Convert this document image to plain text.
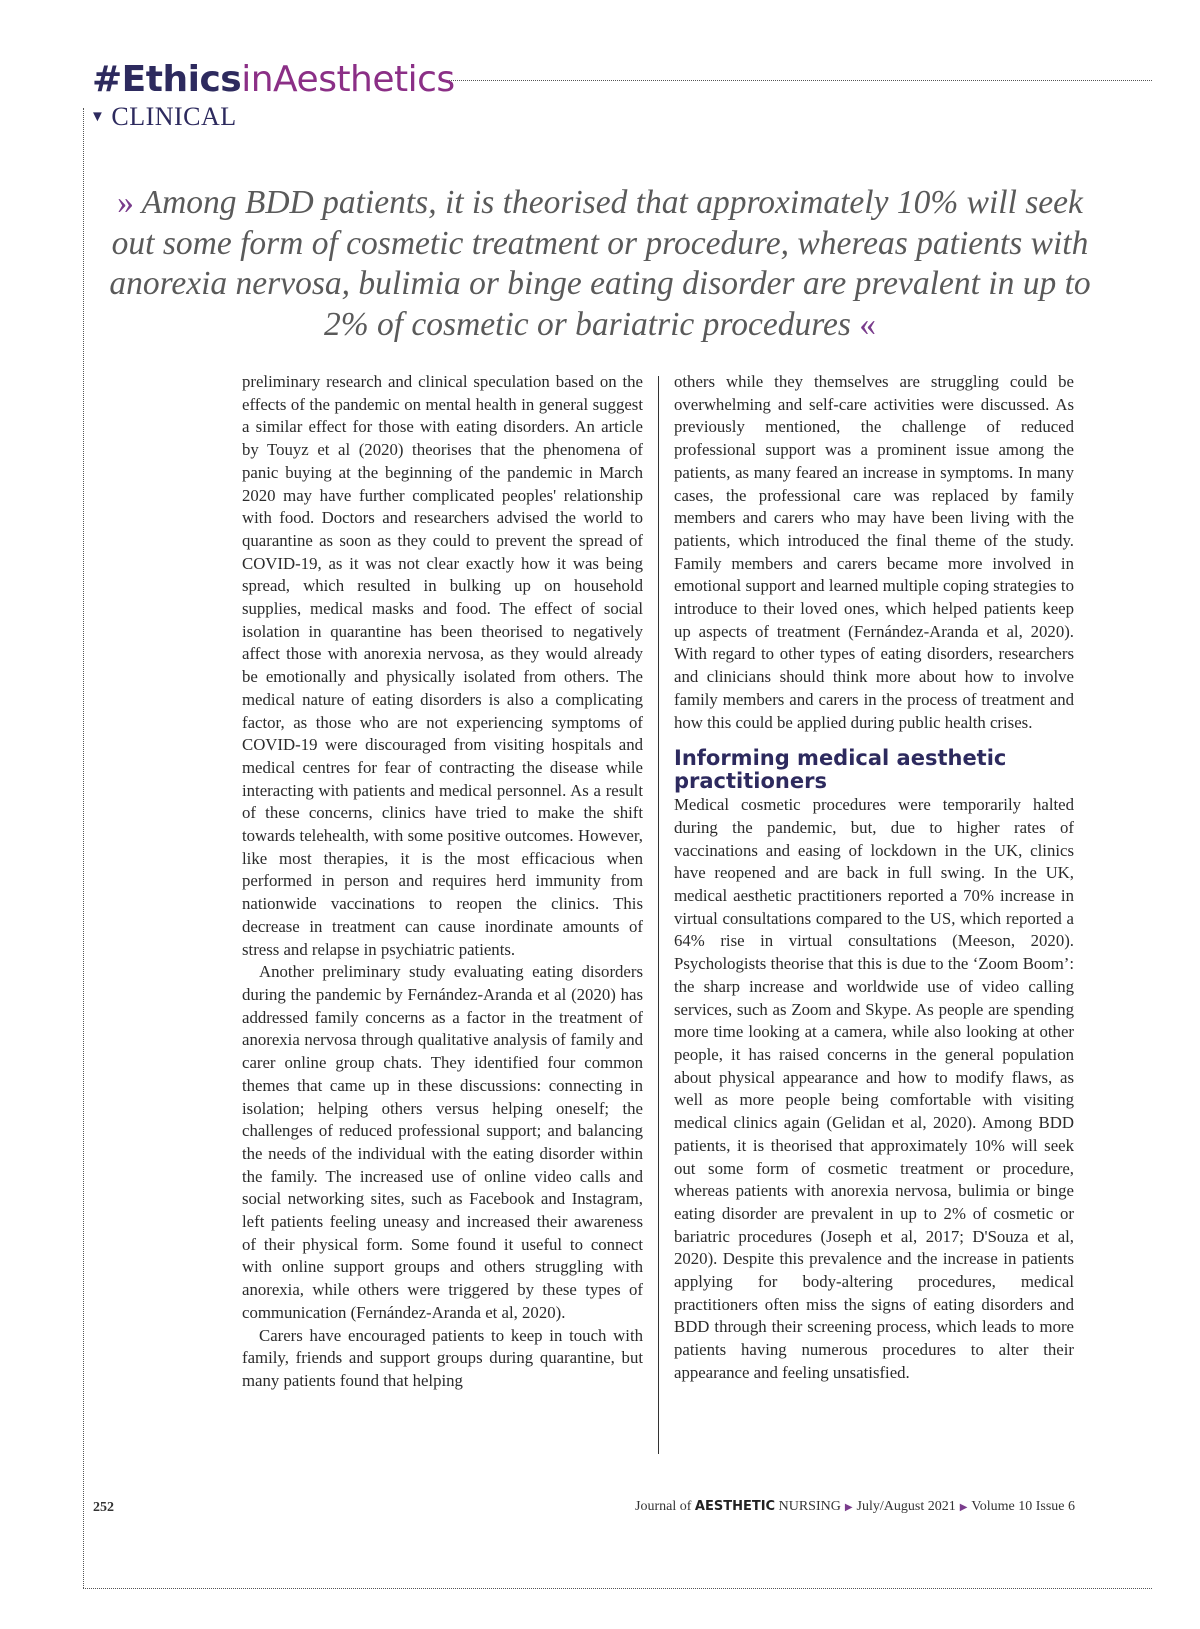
#EthicsinAesthetics
▼ CLINICAL
» Among BDD patients, it is theorised that approximately 10% will seek out some form of cosmetic treatment or procedure, whereas patients with anorexia nervosa, bulimia or binge eating disorder are prevalent in up to 2% of cosmetic or bariatric procedures «

preliminary research and clinical speculation based on the effects of the pandemic on mental health in general suggest a similar effect for those with eating disorders. An article by Touyz et al (2020) theorises that the phenomena of panic buying at the beginning of the pandemic in March 2020 may have further complicated peoples' relationship with food. Doctors and researchers advised the world to quarantine as soon as they could to prevent the spread of COVID-19, as it was not clear exactly how it was being spread, which resulted in bulking up on household supplies, medical masks and food. The effect of social isolation in quarantine has been theorised to negatively affect those with anorexia nervosa, as they would already be emotionally and physically isolated from others. The medical nature of eating disorders is also a complicating factor, as those who are not experiencing symptoms of COVID-19 were discouraged from visiting hospitals and medical centres for fear of contracting the disease while interacting with patients and medical personnel. As a result of these concerns, clinics have tried to make the shift towards telehealth, with some positive outcomes. However, like most therapies, it is the most efficacious when performed in person and requires herd immunity from nationwide vaccinations to reopen the clinics. This decrease in treatment can cause inordinate amounts of stress and relapse in psychiatric patients.

Another preliminary study evaluating eating disorders during the pandemic by Fernández-Aranda et al (2020) has addressed family concerns as a factor in the treatment of anorexia nervosa through qualitative analysis of family and carer online group chats. They identified four common themes that came up in these discussions: connecting in isolation; helping others versus helping oneself; the challenges of reduced professional support; and balancing the needs of the individual with the eating disorder within the family. The increased use of online video calls and social networking sites, such as Facebook and Instagram, left patients feeling uneasy and increased their awareness of their physical form. Some found it useful to connect with online support groups and others struggling with anorexia, while others were triggered by these types of communication (Fernández-Aranda et al, 2020).

Carers have encouraged patients to keep in touch with family, friends and support groups during quarantine, but many patients found that helping

others while they themselves are struggling could be overwhelming and self-care activities were discussed. As previously mentioned, the challenge of reduced professional support was a prominent issue among the patients, as many feared an increase in symptoms. In many cases, the professional care was replaced by family members and carers who may have been living with the patients, which introduced the final theme of the study. Family members and carers became more involved in emotional support and learned multiple coping strategies to introduce to their loved ones, which helped patients keep up aspects of treatment (Fernández-Aranda et al, 2020). With regard to other types of eating disorders, researchers and clinicians should think more about how to involve family members and carers in the process of treatment and how this could be applied during public health crises.

Informing medical aesthetic practitioners

Medical cosmetic procedures were temporarily halted during the pandemic, but, due to higher rates of vaccinations and easing of lockdown in the UK, clinics have reopened and are back in full swing. In the UK, medical aesthetic practitioners reported a 70% increase in virtual consultations compared to the US, which reported a 64% rise in virtual consultations (Meeson, 2020). Psychologists theorise that this is due to the ‘Zoom Boom’: the sharp increase and worldwide use of video calling services, such as Zoom and Skype. As people are spending more time looking at a camera, while also looking at other people, it has raised concerns in the general population about physical appearance and how to modify flaws, as well as more people being comfortable with visiting medical clinics again (Gelidan et al, 2020). Among BDD patients, it is theorised that approximately 10% will seek out some form of cosmetic treatment or procedure, whereas patients with anorexia nervosa, bulimia or binge eating disorder are prevalent in up to 2% of cosmetic or bariatric procedures (Joseph et al, 2017; D'Souza et al, 2020). Despite this prevalence and the increase in patients applying for body-altering procedures, medical practitioners often miss the signs of eating disorders and BDD through their screening process, which leads to more patients having numerous procedures to alter their appearance and feeling unsatisfied.

252	Journal of AESTHETIC NURSING ▶ July/August 2021 ▶ Volume 10 Issue 6
